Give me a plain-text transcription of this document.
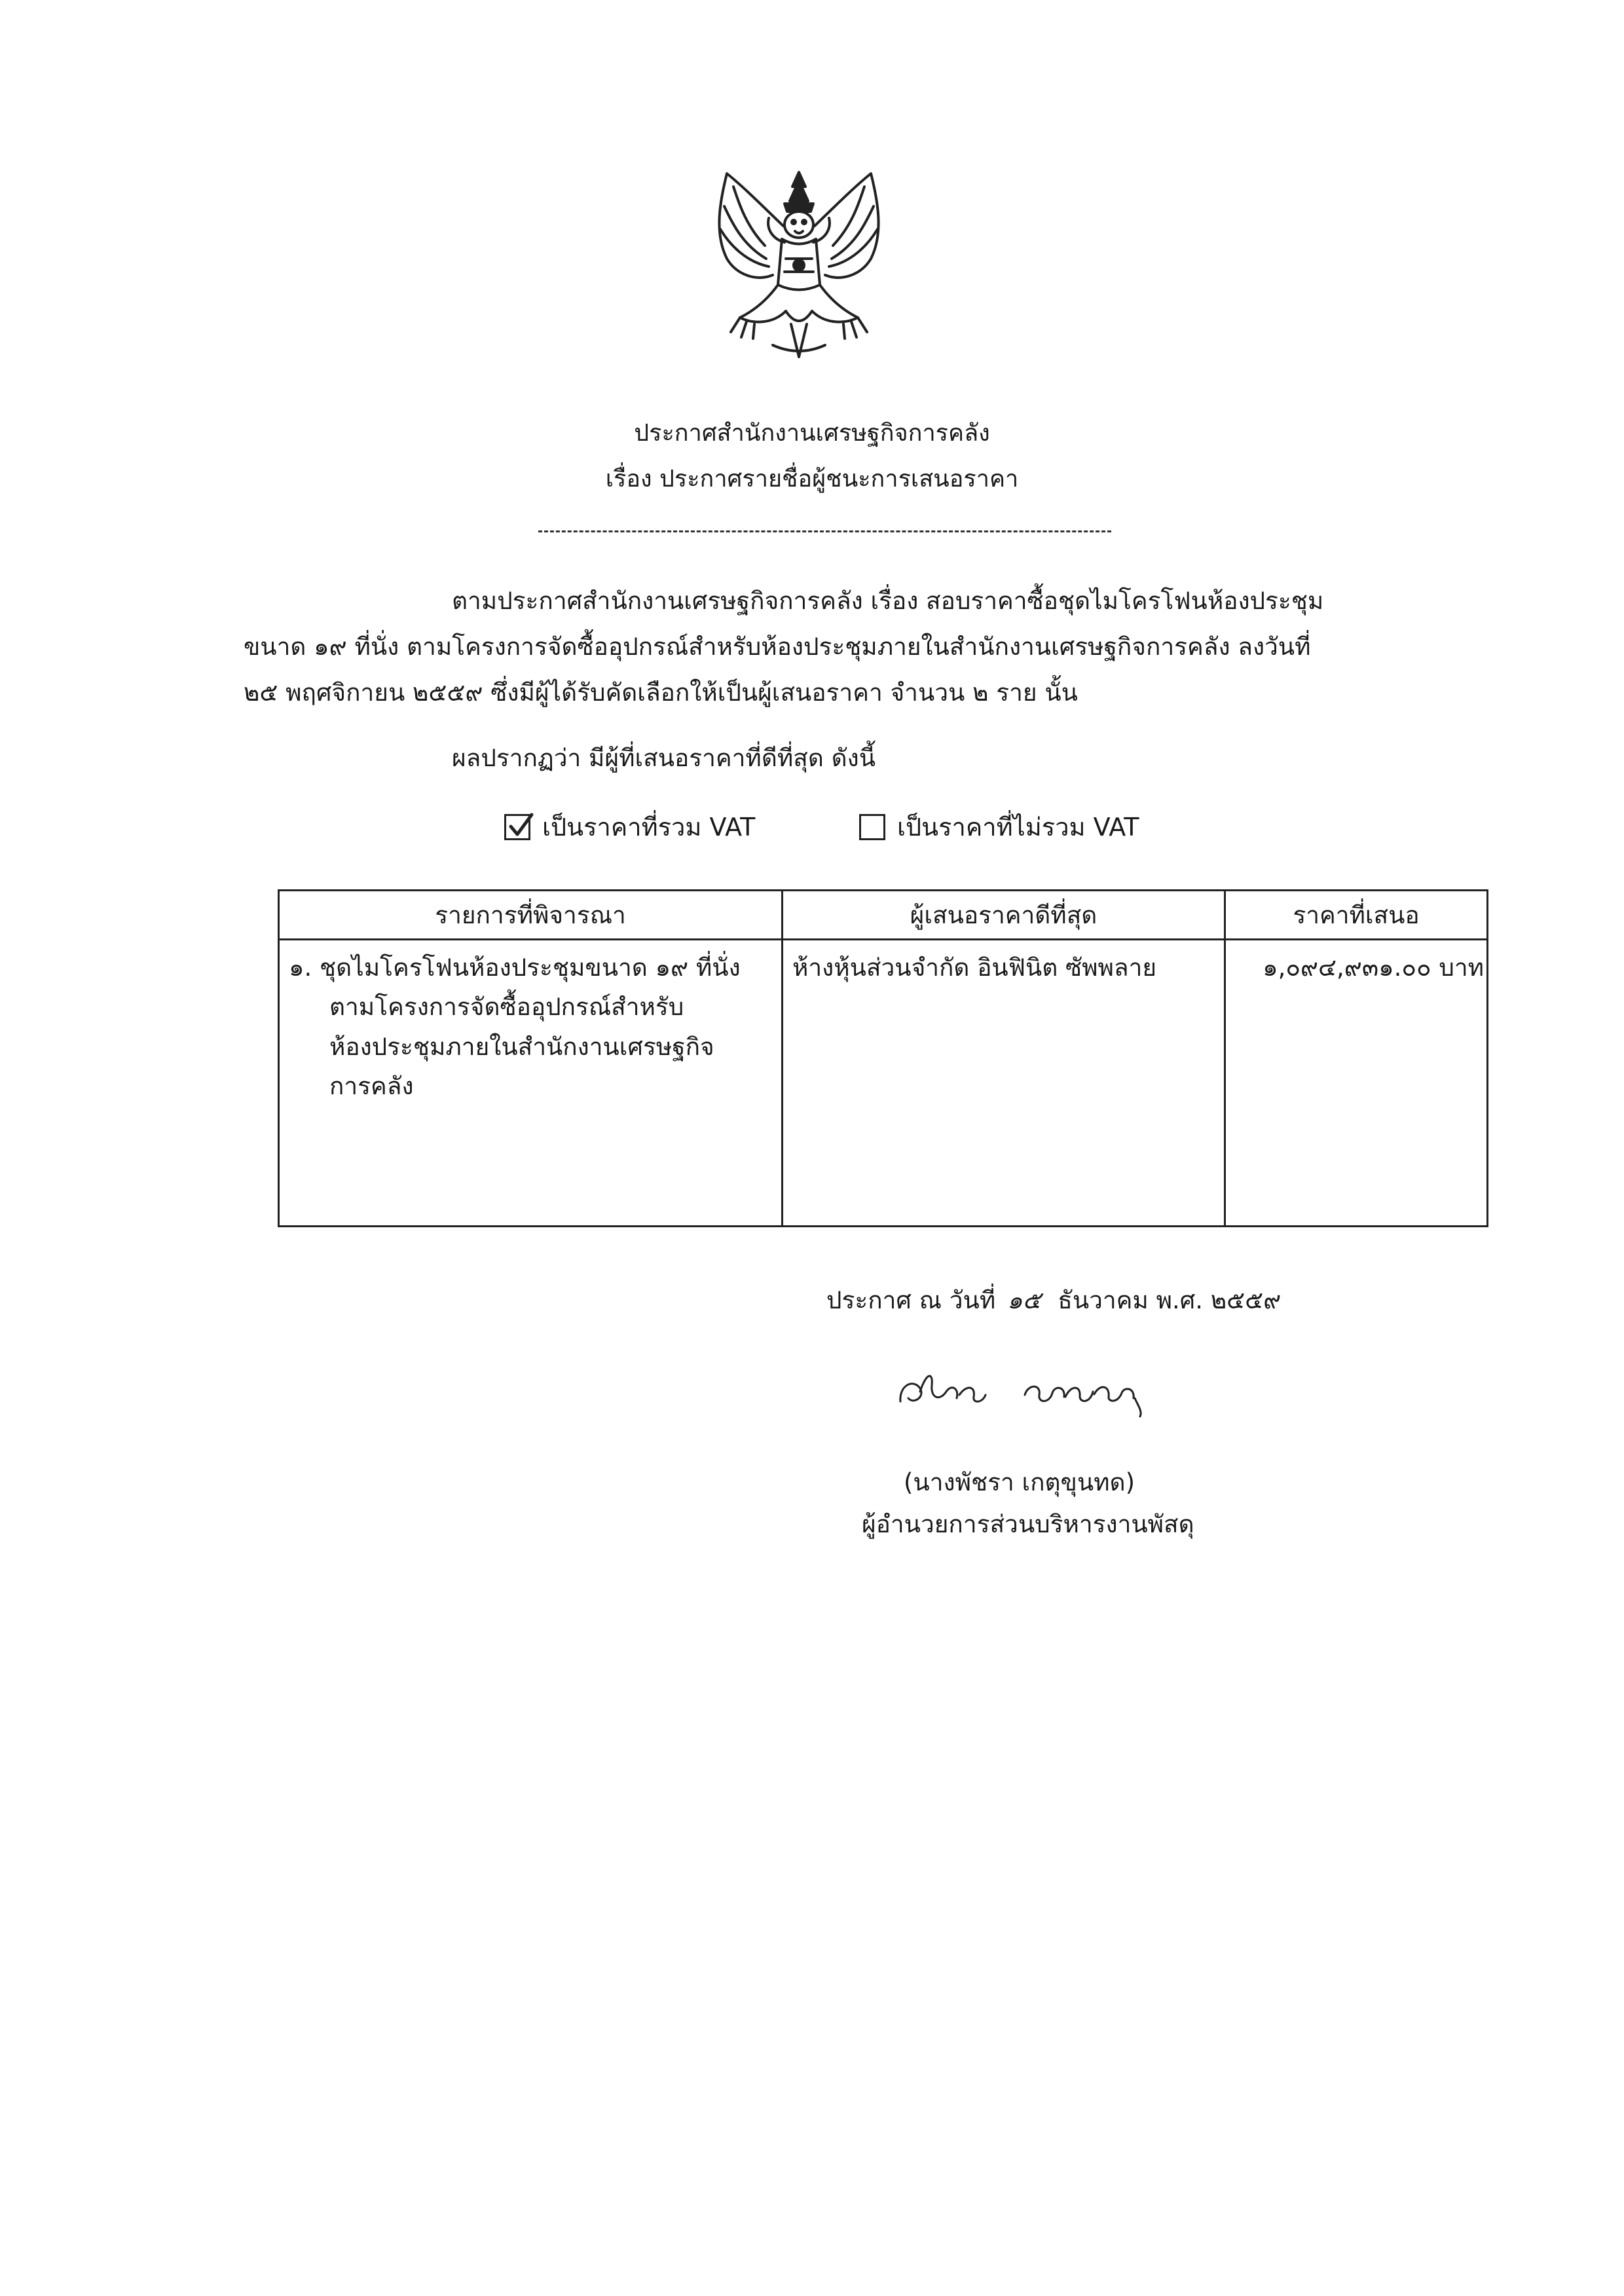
ประกาศสำนักงานเศรษฐกิจการคลัง
เรื่อง ประกาศรายชื่อผู้ชนะการเสนอราคา
ตามประกาศสำนักงานเศรษฐกิจการคลัง เรื่อง สอบราคาซื้อชุดไมโครโฟนห้องประชุม
ขนาด ๑๙ ที่นั่ง ตามโครงการจัดซื้ออุปกรณ์สำหรับห้องประชุมภายในสำนักงานเศรษฐกิจการคลัง ลงวันที่
๒๕ พฤศจิกายน ๒๕๕๙ ซึ่งมีผู้ได้รับคัดเลือกให้เป็นผู้เสนอราคา จำนวน ๒ ราย นั้น
ผลปรากฏว่า มีผู้ที่เสนอราคาที่ดีที่สุด ดังนี้
เป็นราคาที่รวม VAT	เป็นราคาที่ไม่รวม VAT
รายการที่พิจารณา	ผู้เสนอราคาดีที่สุด	ราคาที่เสนอ

๑. ชุดไมโครโฟนห้องประชุมขนาด ๑๙ ที่นั่ง
ตามโครงการจัดซื้ออุปกรณ์สำหรับ
ห้องประชุมภายในสำนักงานเศรษฐกิจ
การคลัง	ห้างหุ้นส่วนจำกัด อินฟินิต ซัพพลาย	๑,๐๙๔,๙๓๑.๐๐ บาท
ประกาศ ณ วันที่ ๑๕ ธันวาคม พ.ศ. ๒๕๕๙
(นางพัชรา เกตุขุนทด)
ผู้อำนวยการส่วนบริหารงานพัสดุ
